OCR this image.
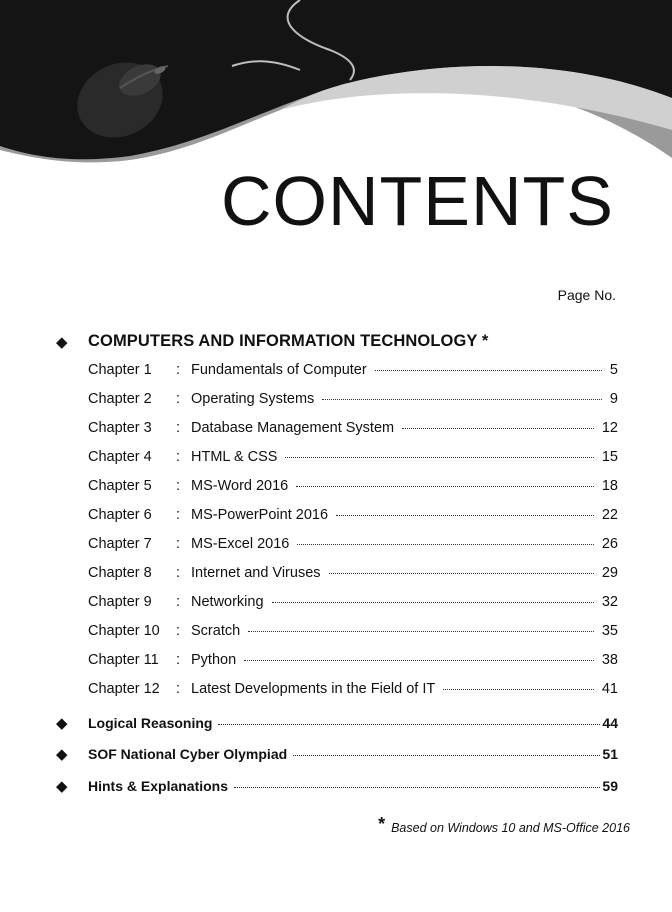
CONTENTS
Page No.
◆	COMPUTERS AND INFORMATION TECHNOLOGY *
Chapter 1	: Fundamentals of Computer	5
Chapter 2	: Operating Systems	9
Chapter 3	: Database Management System	12
Chapter 4	: HTML & CSS	15
Chapter 5	: MS-Word 2016	18
Chapter 6	: MS-PowerPoint 2016	22
Chapter 7	: MS-Excel 2016	26
Chapter 8	: Internet and Viruses	29
Chapter 9	: Networking	32
Chapter 10	: Scratch	35
Chapter 11	: Python	38
Chapter 12	: Latest Developments in the Field of IT	41
◆	Logical Reasoning	44
◆	SOF National Cyber Olympiad	51
◆	Hints & Explanations	59
* Based on Windows 10 and MS-Office 2016
